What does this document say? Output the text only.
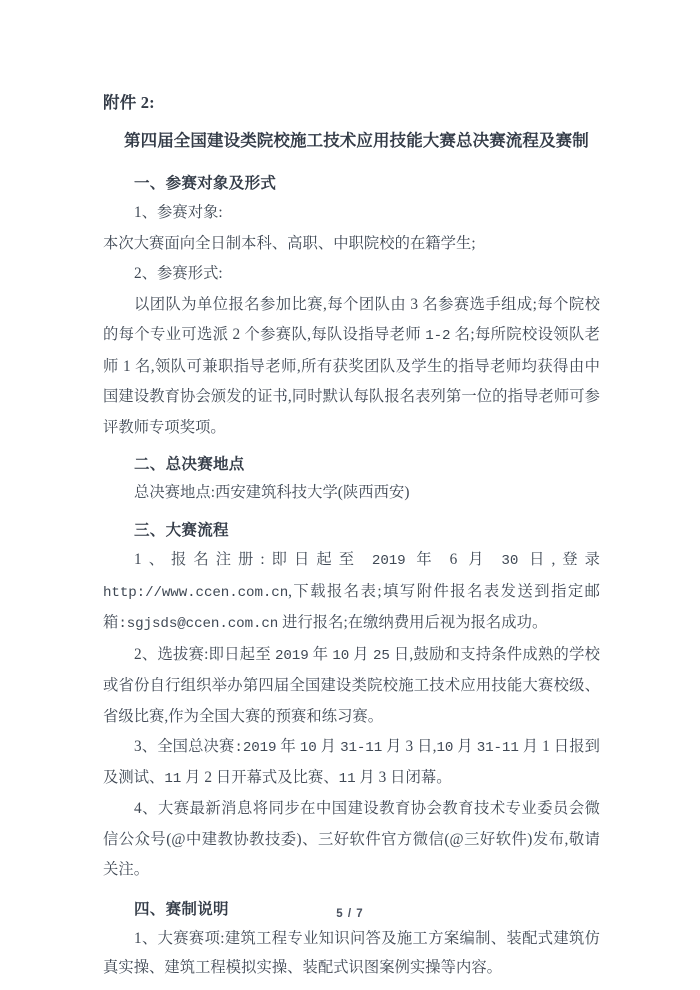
附件 2:

第四届全国建设类院校施工技术应用技能大赛总决赛流程及赛制

一、参赛对象及形式

1、参赛对象:

本次大赛面向全日制本科、高职、中职院校的在籍学生;

2、参赛形式:

以团队为单位报名参加比赛,每个团队由 3 名参赛选手组成;每个院校的每个专业可选派 2 个参赛队,每队设指导老师 1-2 名;每所院校设领队老师 1 名,领队可兼职指导老师,所有获奖团队及学生的指导老师均获得由中国建设教育协会颁发的证书,同时默认每队报名表列第一位的指导老师可参评教师专项奖项。

二、总决赛地点

总决赛地点:西安建筑科技大学(陕西西安)

三、大赛流程

1、报名注册:即日起至 2019 年 6 月 30 日,登录 http://www.ccen.com.cn,下载报名表;填写附件报名表发送到指定邮箱:sgjsds@ccen.com.cn 进行报名;在缴纳费用后视为报名成功。

2、选拔赛:即日起至 2019 年 10 月 25 日,鼓励和支持条件成熟的学校或省份自行组织举办第四届全国建设类院校施工技术应用技能大赛校级、省级比赛,作为全国大赛的预赛和练习赛。

3、全国总决赛:2019 年 10 月 31-11 月 3 日,10 月 31-11 月 1 日报到及测试、11 月 2 日开幕式及比赛、11 月 3 日闭幕。

4、大赛最新消息将同步在中国建设教育协会教育技术专业委员会微信公众号(@中建教协教技委)、三好软件官方微信(@三好软件)发布,敬请关注。

四、赛制说明

1、大赛赛项:建筑工程专业知识问答及施工方案编制、装配式建筑仿真实操、建筑工程模拟实操、装配式识图案例实操等内容。

5 / 7
